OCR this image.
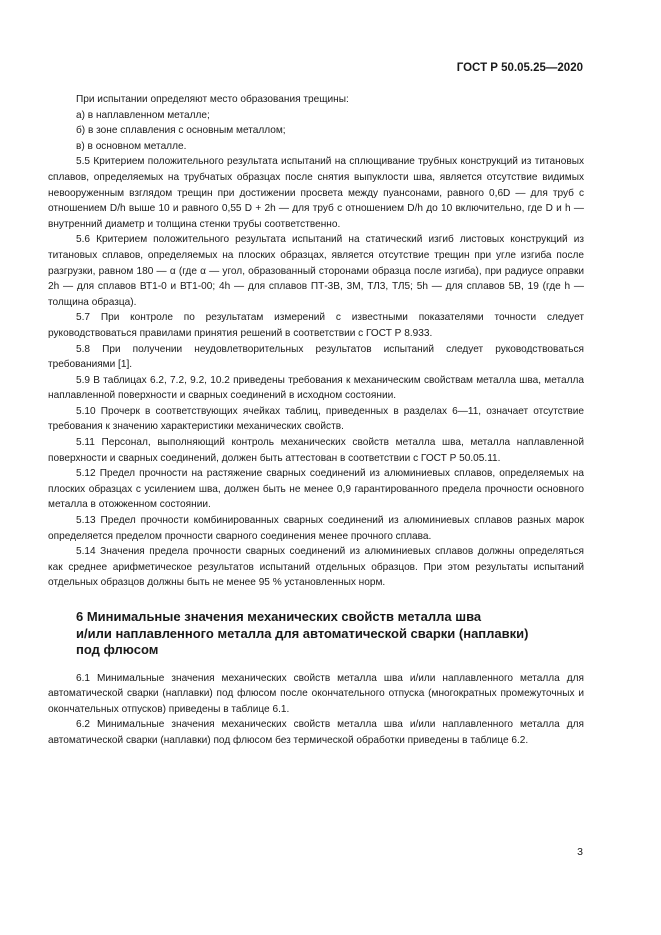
ГОСТ Р 50.05.25—2020

При испытании определяют место образования трещины:

а) в наплавленном металле;

б) в зоне сплавления с основным металлом;

в) в основном металле.

5.5 Критерием положительного результата испытаний на сплющивание трубных конструкций из титановых сплавов, определяемых на трубчатых образцах после снятия выпуклости шва, является отсутствие видимых невооруженным взглядом трещин при достижении просвета между пуансонами, равного 0,6D — для труб с отношением D/h выше 10 и равного 0,55 D + 2h — для труб с отношением D/h до 10 включительно, где D и h — внутренний диаметр и толщина стенки трубы соответственно.

5.6 Критерием положительного результата испытаний на статический изгиб листовых конструкций из титановых сплавов, определяемых на плоских образцах, является отсутствие трещин при угле изгиба после разгрузки, равном 180 — α (где α — угол, образованный сторонами образца после изгиба), при радиусе оправки 2h — для сплавов ВТ1-0 и ВТ1-00; 4h — для сплавов ПТ-3В, 3М, ТЛ3, ТЛ5; 5h — для сплавов 5В, 19 (где h — толщина образца).

5.7 При контроле по результатам измерений с известными показателями точности следует руководствоваться правилами принятия решений в соответствии с ГОСТ Р 8.933.

5.8 При получении неудовлетворительных результатов испытаний следует руководствоваться требованиями [1].

5.9 В таблицах 6.2, 7.2, 9.2, 10.2 приведены требования к механическим свойствам металла шва, металла наплавленной поверхности и сварных соединений в исходном состоянии.

5.10 Прочерк в соответствующих ячейках таблиц, приведенных в разделах 6—11, означает отсутствие требования к значению характеристики механических свойств.

5.11 Персонал, выполняющий контроль механических свойств металла шва, металла наплавленной поверхности и сварных соединений, должен быть аттестован в соответствии с ГОСТ Р 50.05.11.

5.12 Предел прочности на растяжение сварных соединений из алюминиевых сплавов, определяемых на плоских образцах с усилением шва, должен быть не менее 0,9 гарантированного предела прочности основного металла в отожженном состоянии.

5.13 Предел прочности комбинированных сварных соединений из алюминиевых сплавов разных марок определяется пределом прочности сварного соединения менее прочного сплава.

5.14 Значения предела прочности сварных соединений из алюминиевых сплавов должны определяться как среднее арифметическое результатов испытаний отдельных образцов. При этом результаты испытаний отдельных образцов должны быть не менее 95 % установленных норм.

6 Минимальные значения механических свойств металла шва
и/или наплавленного металла для автоматической сварки (наплавки)
под флюсом

6.1 Минимальные значения механических свойств металла шва и/или наплавленного металла для автоматической сварки (наплавки) под флюсом после окончательного отпуска (многократных промежуточных и окончательных отпусков) приведены в таблице 6.1.

6.2 Минимальные значения механических свойств металла шва и/или наплавленного металла для автоматической сварки (наплавки) под флюсом без термической обработки приведены в таблице 6.2.

3
